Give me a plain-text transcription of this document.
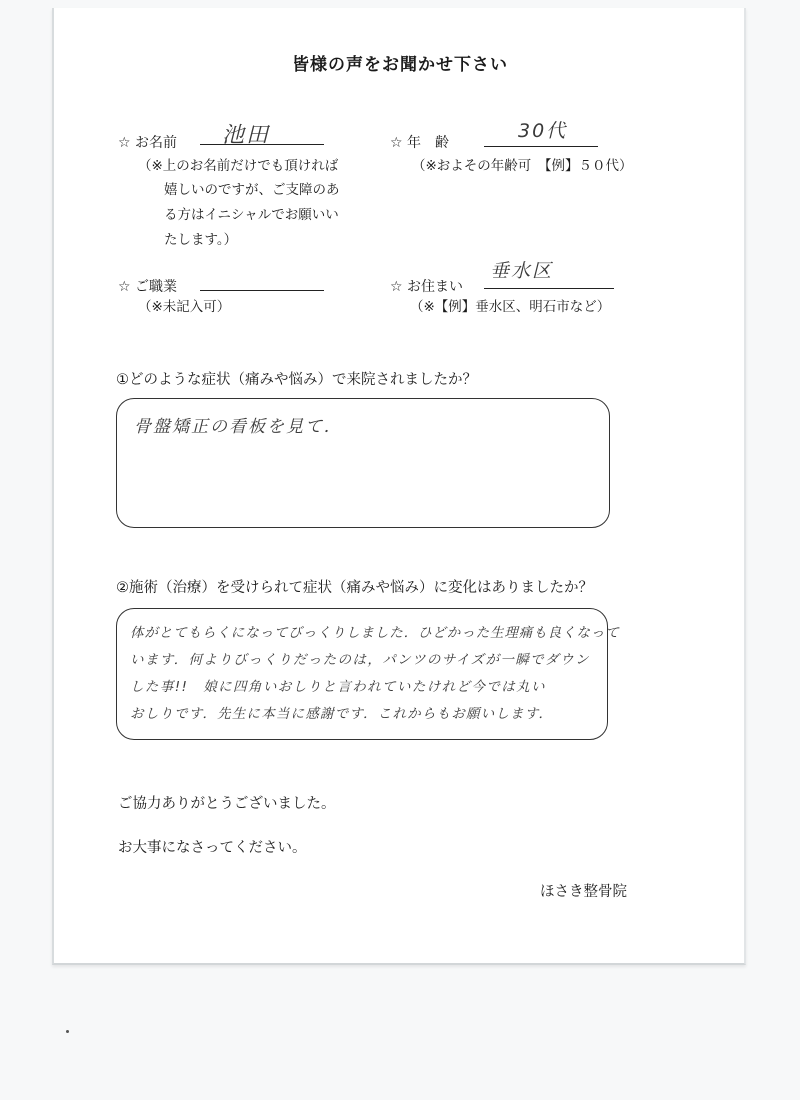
皆様の声をお聞かせ下さい
☆ お名前 池田
（※上のお名前だけでも頂ければ
嬉しいのですが、ご支障のあ
る方はイニシャルでお願いい
たします。）
☆ 年　齢
30代
（※およその年齢可　【例】５０代）
☆ ご職業
（※未記入可）
☆ お住まい
垂水区
（※【例】垂水区、明石市など）
①どのような症状（痛みや悩み）で来院されましたか？
骨盤矯正の看板を見て．
②施術（治療）を受けられて症状（痛みや悩み）に変化はありましたか？
体がとてもらくになってびっくりしました．ひどかった生理痛も良くなって
います．何よりびっくりだったのは，パンツのサイズが一瞬でダウン
した事!!　娘に四角いおしりと言われていたけれど今では丸い
おしりです．先生に本当に感謝です．これからもお願いします．
ご協力ありがとうございました。
お大事になさってください。
ほさき整骨院
